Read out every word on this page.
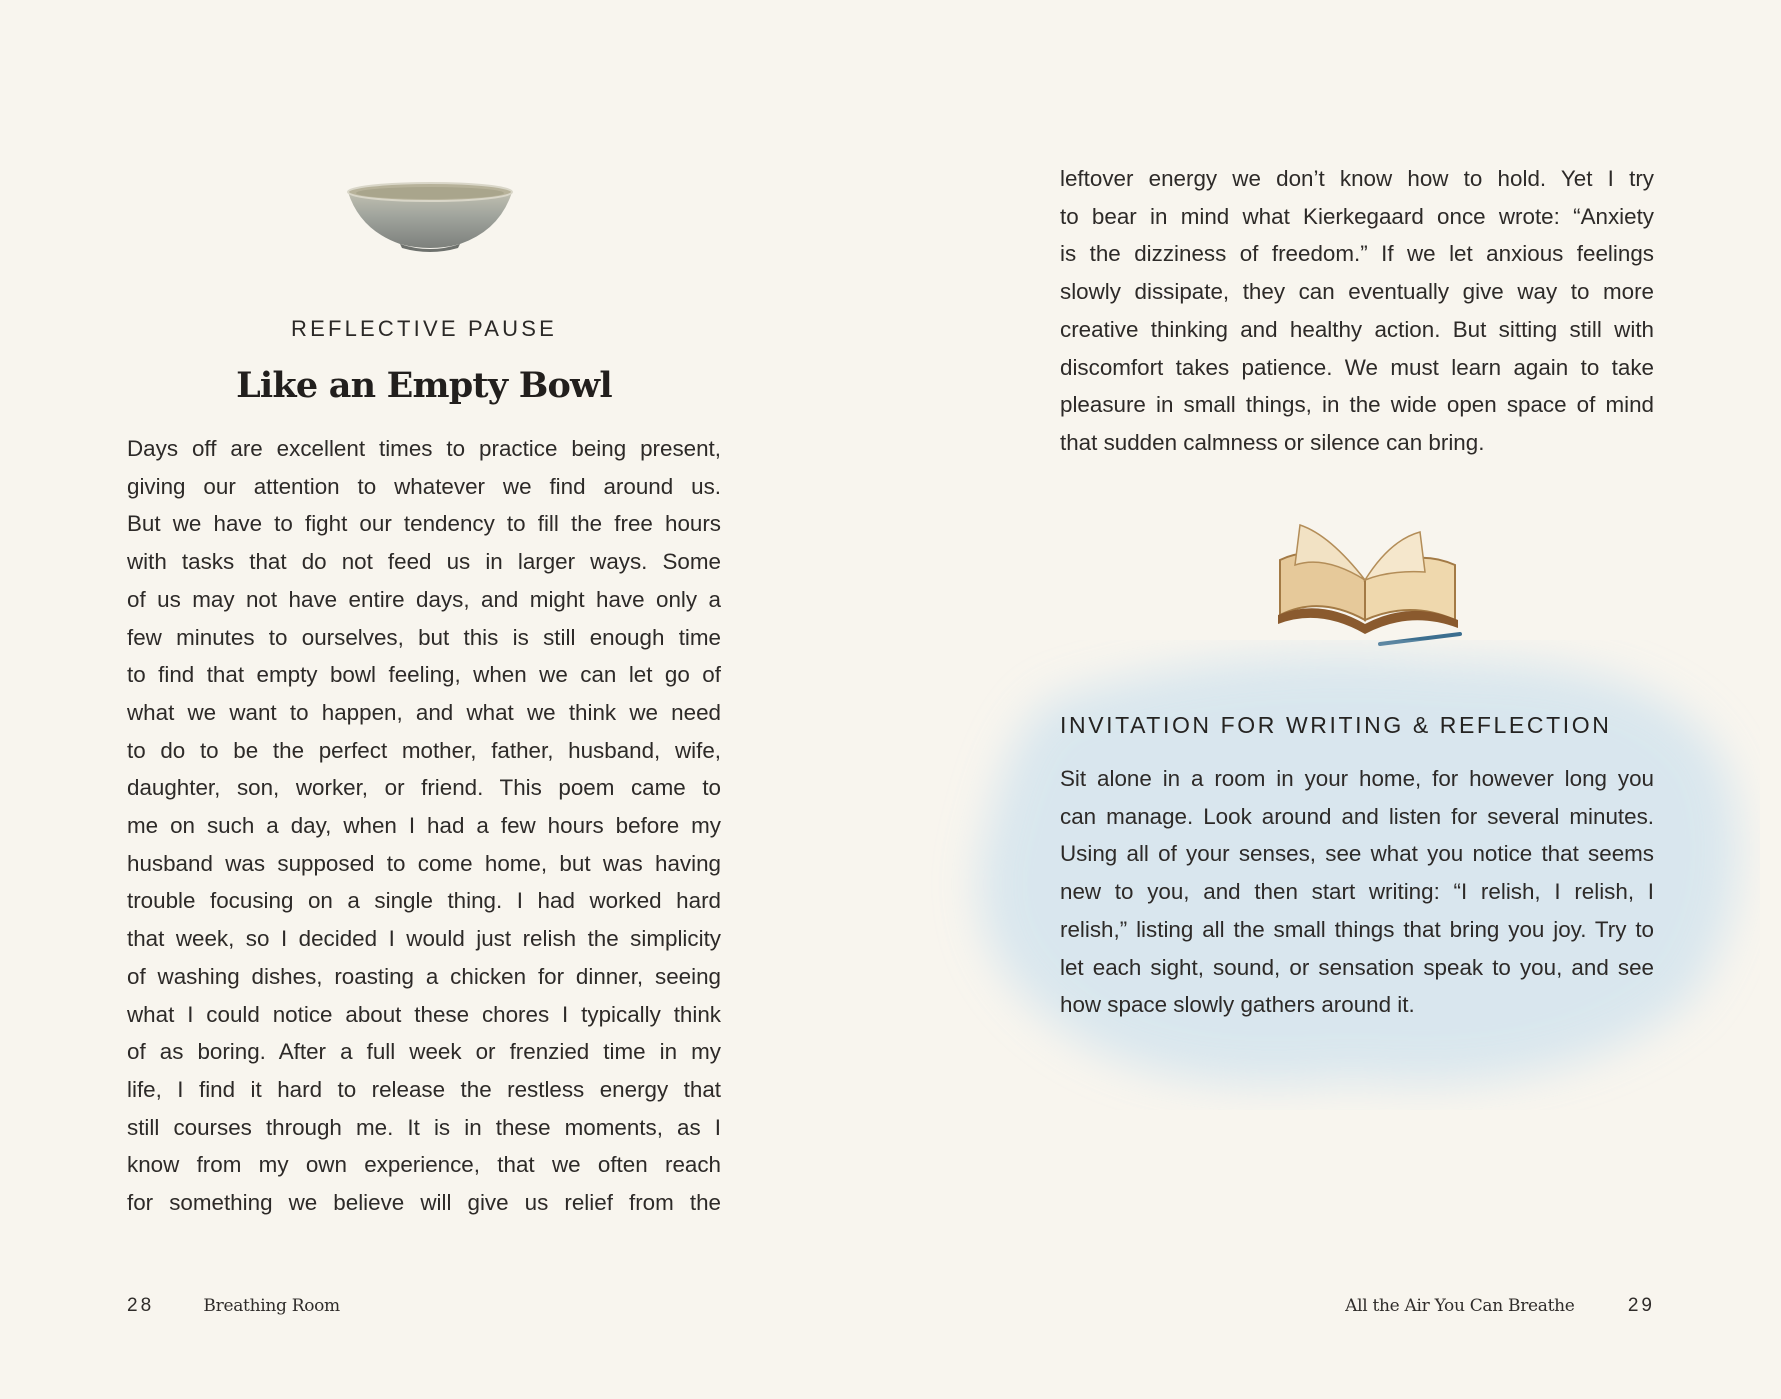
REFLECTIVE PAUSE
Like an Empty Bowl
Days off are excellent times to practice being present,
giving our attention to whatever we find around us.
But we have to fight our tendency to fill the free hours
with tasks that do not feed us in larger ways. Some
of us may not have entire days, and might have only a
few minutes to ourselves, but this is still enough time
to find that empty bowl feeling, when we can let go of
what we want to happen, and what we think we need
to do to be the perfect mother, father, husband, wife,
daughter, son, worker, or friend. This poem came to
me on such a day, when I had a few hours before my
husband was supposed to come home, but was having
trouble focusing on a single thing. I had worked hard
that week, so I decided I would just relish the simplicity
of washing dishes, roasting a chicken for dinner, seeing
what I could notice about these chores I typically think
of as boring. After a full week or frenzied time in my
life, I find it hard to release the restless energy that
still courses through me. It is in these moments, as I
know from my own experience, that we often reach
for something we believe will give us relief from the
28	Breathing Room
leftover energy we don’t know how to hold. Yet I try
to bear in mind what Kierkegaard once wrote: “Anxiety
is the dizziness of freedom.” If we let anxious feelings
slowly dissipate, they can eventually give way to more
creative thinking and healthy action. But sitting still with
discomfort takes patience. We must learn again to take
pleasure in small things, in the wide open space of mind
that sudden calmness or silence can bring.
INVITATION FOR WRITING & REFLECTION
Sit alone in a room in your home, for however long you
can manage. Look around and listen for several minutes.
Using all of your senses, see what you notice that seems
new to you, and then start writing: “I relish, I relish, I
relish,” listing all the small things that bring you joy. Try to
let each sight, sound, or sensation speak to you, and see
how space slowly gathers around it.
All the Air You Can Breathe	29
